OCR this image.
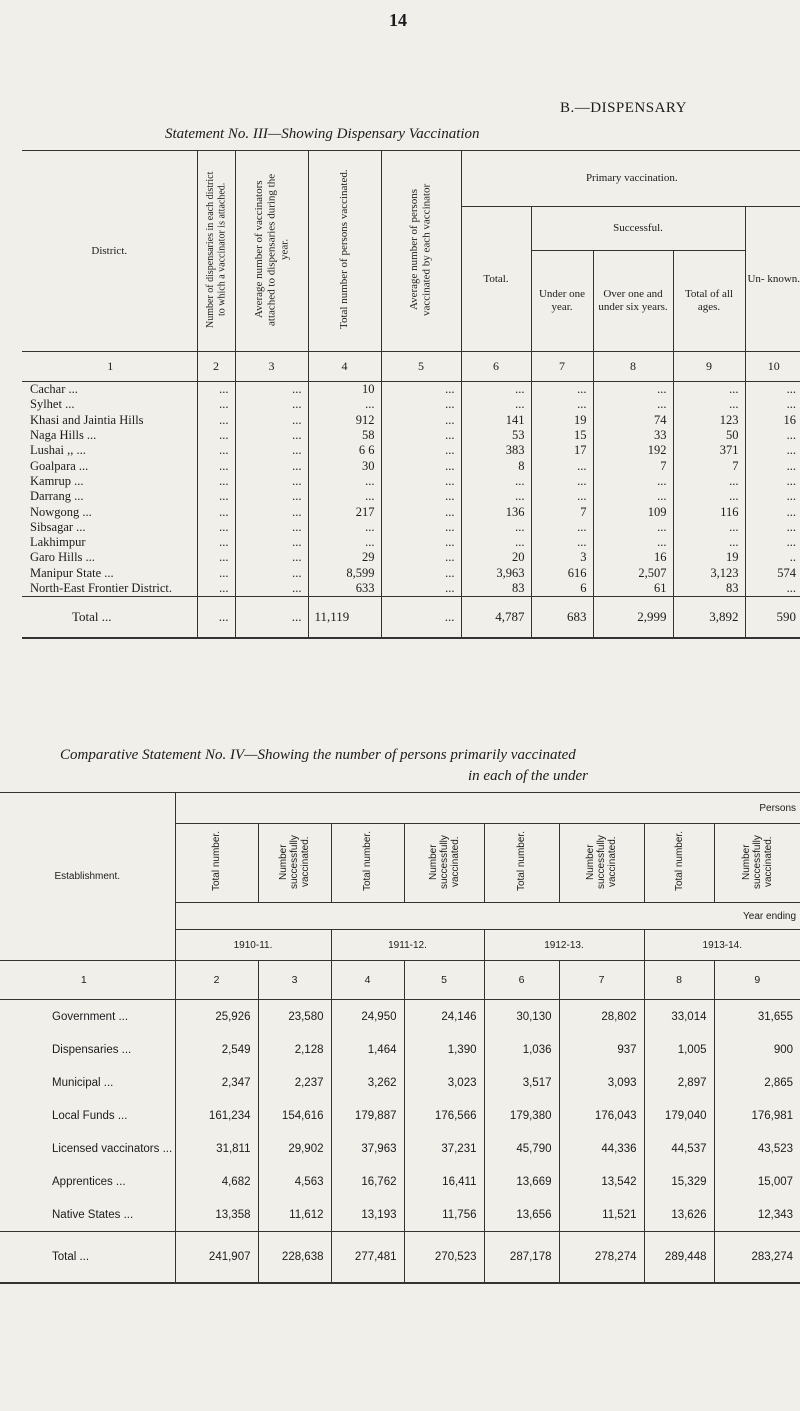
14
B.—DISPENSARY
Statement No. III—Showing Dispensary Vaccination
District.	Number of dispensaries in each district to which a vaccinator is attached.	Average number of vaccinators attached to dispensaries during the year.	Total number of persons vaccinated.	Average number of persons vaccinated by each vaccinator	Primary vaccination.				
					Total.	Successful.			Un- known.
						Under one year.	Over one and under six years.	Total of all ages.	
1	2	3	4	5	6	7	8	9	10
Cachar ...	...	...	10	...	...	...	...	...	...
Sylhet ...	...	...	...	...	...	...	...	...	...
Khasi and Jaintia Hills	...	...	912	...	141	19	74	123	16
Naga Hills ...	...	...	58	...	53	15	33	50	...
Lushai ,, ...	...	...	6 6	...	383	17	192	371	...
Goalpara ...	...	...	30	...	8	...	7	7	...
Kamrup ...	...	...	...	...	...	...	...	...	...
Darrang ...	...	...	...	...	...	...	...	...	...
Nowgong ...	...	...	217	...	136	7	109	116	...
Sibsagar ...	...	...	...	...	...	...	...	...	...
Lakhimpur	...	...	...	...	...	...	...	...	...
Garo Hills ...	...	...	29	...	20	3	16	19	..
Manipur State ...	...	...	8,599	...	3,963	616	2,507	3,123	574
North-East Frontier District.	...	...	633	...	83	6	61	83	...
Total ...	...	...	11,119	...	4,787	683	2,999	3,892	590
Comparative Statement No. IV—Showing the number of persons primarily vaccinated
in each of the under
Establishment.	Persons							
	Total number.	Number successfully vaccinated.	Total number.	Number successfully vaccinated.	Total number.	Number successfully vaccinated.	Total number.	Number successfully vaccinated.
	Year ending							
	1910-11.		1911-12.		1912-13.		1913-14.	
1	2	3	4	5	6	7	8	9
Government ...	25,926	23,580	24,950	24,146	30,130	28,802	33,014	31,655
Dispensaries ...	2,549	2,128	1,464	1,390	1,036	937	1,005	900
Municipal ...	2,347	2,237	3,262	3,023	3,517	3,093	2,897	2,865
Local Funds ...	161,234	154,616	179,887	176,566	179,380	176,043	179,040	176,981
Licensed vaccinators ...	31,811	29,902	37,963	37,231	45,790	44,336	44,537	43,523
Apprentices ...	4,682	4,563	16,762	16,411	13,669	13,542	15,329	15,007
Native States ...	13,358	11,612	13,193	11,756	13,656	11,521	13,626	12,343
Total ...	241,907	228,638	277,481	270,523	287,178	278,274	289,448	283,274
